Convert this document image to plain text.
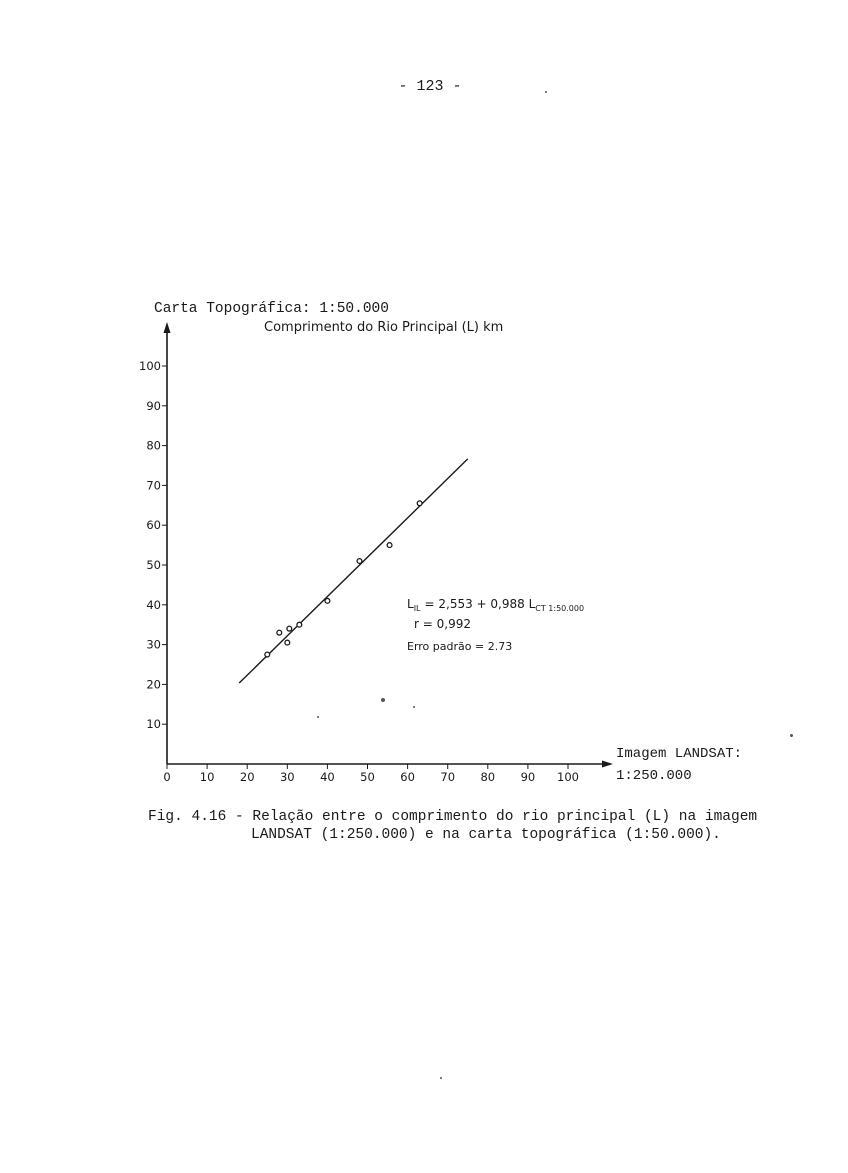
- 123 -
Carta Topográfica: 1:50.000
Comprimento do Rio Principal (L) km
0	10 20 30 40 50 60 70 80 90 100
10
20
30
40
50
60
70
80
90
100
Imagem LANDSAT:
1:250.000
$L_{IL} = 2,553 + 0,988$ $L_{CT 1:50.000}$
r = 0,992
Erro padrão = 2.73
Fig. 4.16 - Relação entre o comprimento do rio principal (L) na imagem
LANDSAT (1:250.000) e na carta topográfica (1:50.000).
